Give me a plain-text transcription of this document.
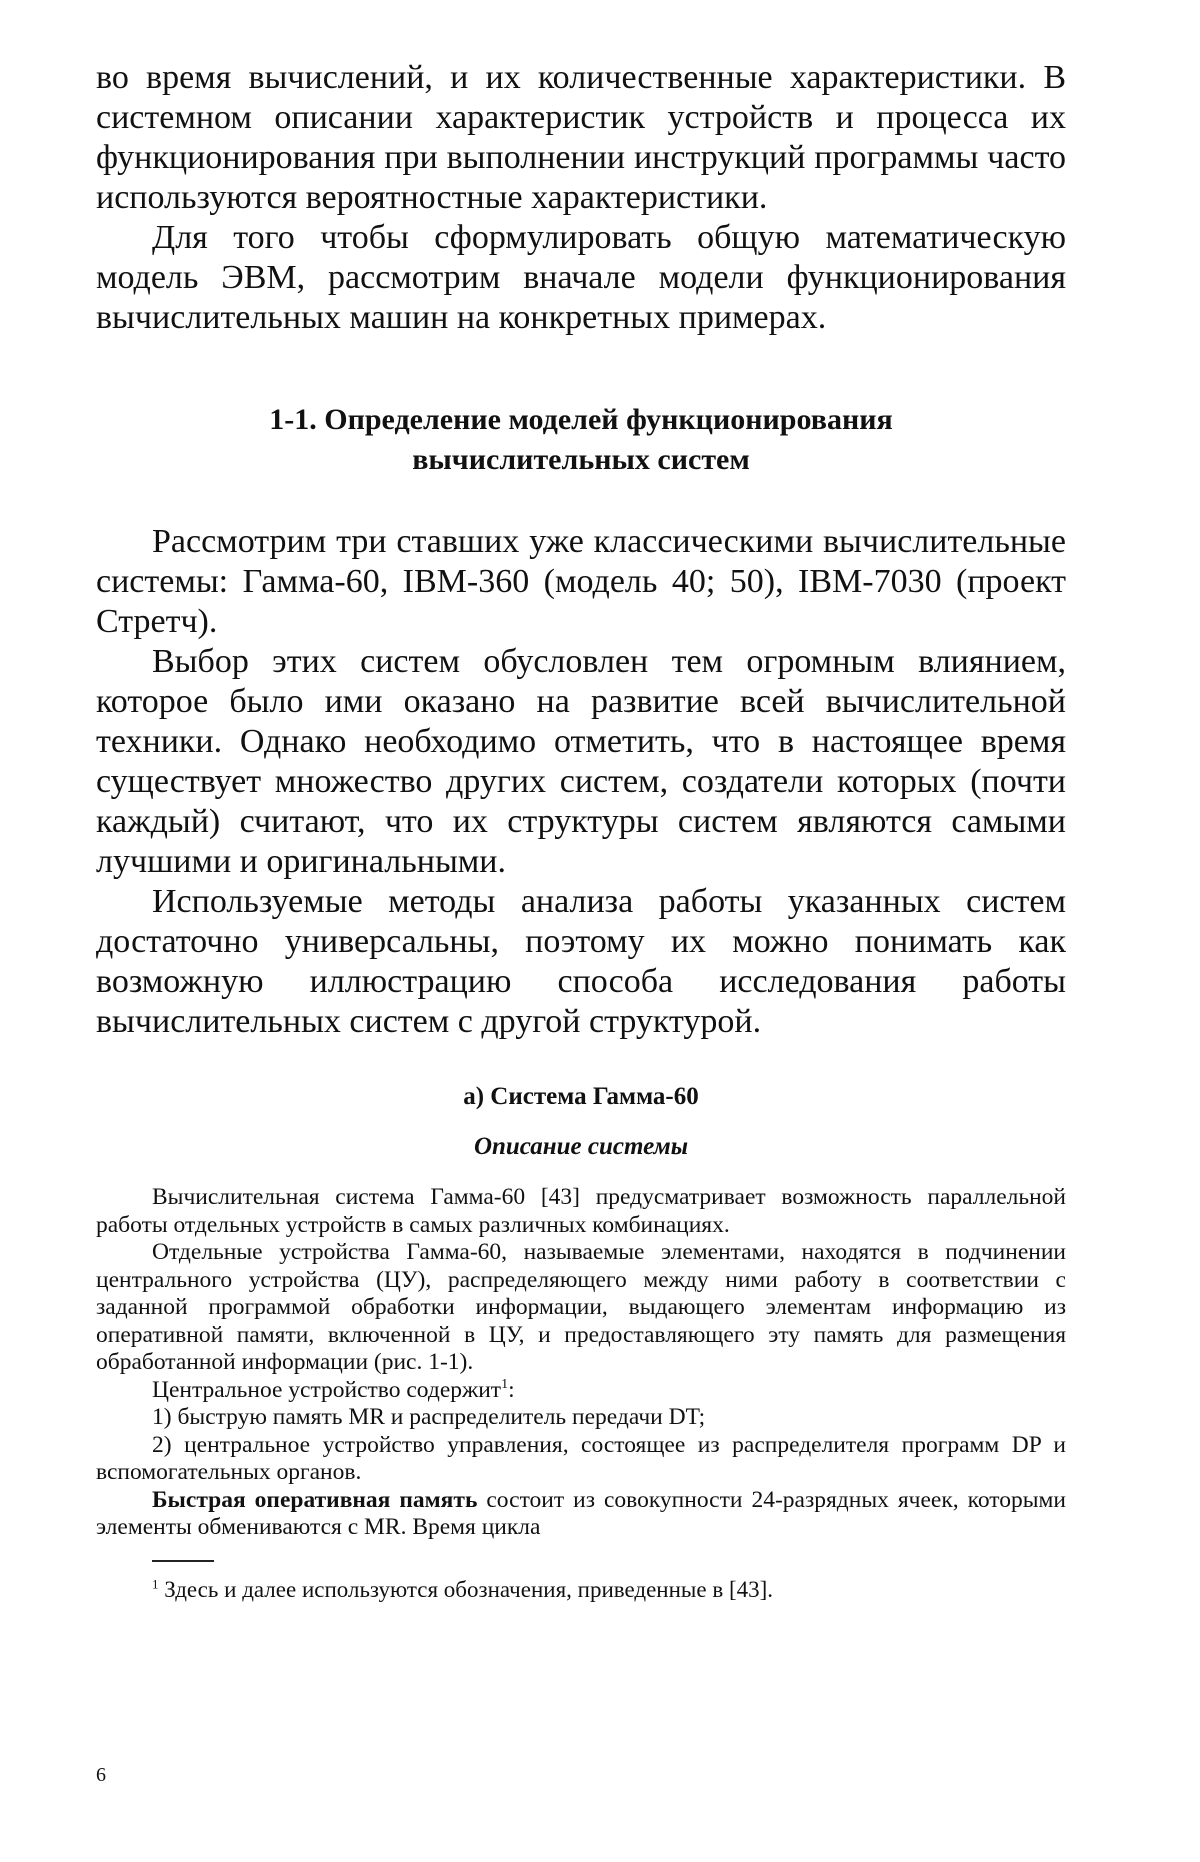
во время вычислений, и их количественные характеристики. В системном описании характеристик устройств и процесса их функционирования при выполнении инструкций программы часто используются вероятностные характеристики.

Для того чтобы сформулировать общую математическую модель ЭВМ, рассмотрим вначале модели функционирования вычислительных машин на конкретных примерах.

1-1. Определение моделей функционирования
вычислительных систем

Рассмотрим три ставших уже классическими вычислительные системы: Гамма-60, IBM-360 (модель 40; 50), IBM-7030 (проект Стретч).

Выбор этих систем обусловлен тем огромным влиянием, которое было ими оказано на развитие всей вычислительной техники. Однако необходимо отметить, что в настоящее время существует множество других систем, создатели которых (почти каждый) считают, что их структуры систем являются самыми лучшими и оригинальными.

Используемые методы анализа работы указанных систем достаточно универсальны, поэтому их можно понимать как возможную иллюстрацию способа исследования работы вычислительных систем с другой структурой.

а) Система Гамма-60
Описание системы

Вычислительная система Гамма-60 [43] предусматривает возможность параллельной работы отдельных устройств в самых различных комбинациях.

Отдельные устройства Гамма-60, называемые элементами, находятся в подчинении центрального устройства (ЦУ), распределяющего между ними работу в соответствии с заданной программой обработки информации, выдающего элементам информацию из оперативной памяти, включенной в ЦУ, и предоставляющего эту память для размещения обработанной информации (рис. 1-1).

Центральное устройство содержит$^1$:

1) быструю память MR и распределитель передачи DT;

2) центральное устройство управления, состоящее из распределителя программ DP и вспомогательных органов.

Быстрая оперативная память состоит из совокупности 24-разрядных ячеек, которыми элементы обмениваются с MR. Время цикла

$^1$ Здесь и далее используются обозначения, приведенные в [43].

6
